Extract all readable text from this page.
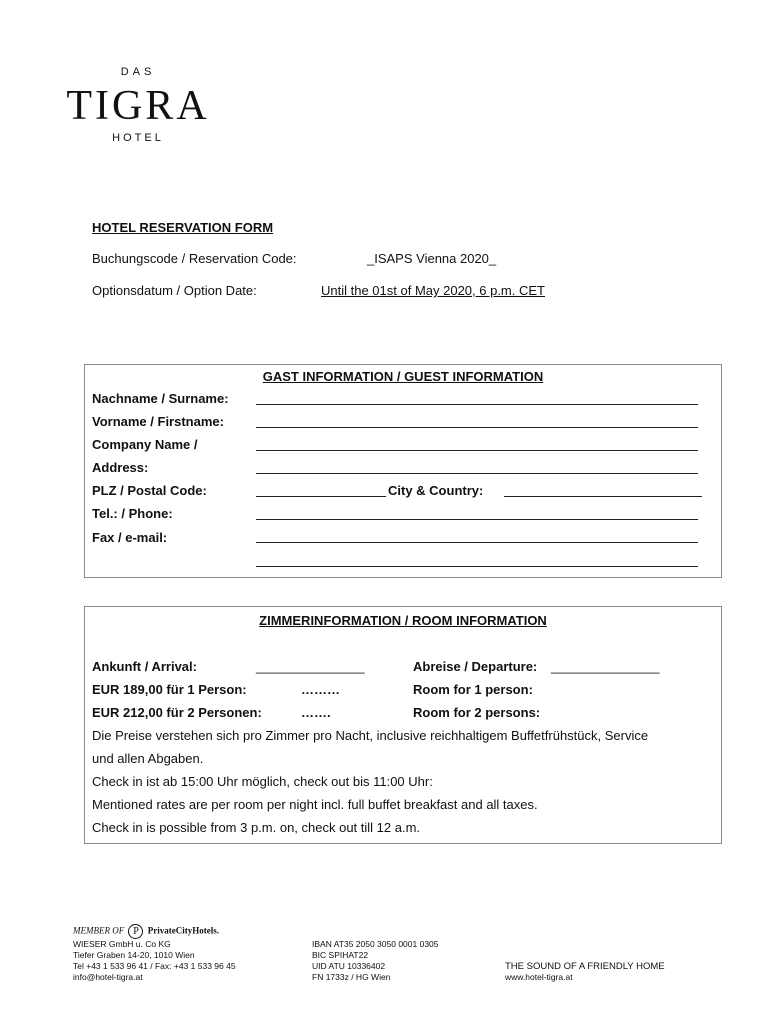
DAS
TIGRA
HOTEL
HOTEL RESERVATION FORM
Buchungscode / Reservation Code:	_ISAPS Vienna 2020_
Optionsdatum / Option Date:	Until the 01st of May 2020, 6 p.m. CET
GAST INFORMATION / GUEST INFORMATION
Nachname / Surname:
Vorname / Firstname:
Company Name /
Address:
PLZ / Postal Code:	City & Country:
Tel.: / Phone:
Fax / e-mail:
ZIMMERINFORMATION / ROOM INFORMATION
Ankunft / Arrival:	_______________	Abreise / Departure: _______________
EUR 189,00 für 1 Person:	………	Room for 1 person:
EUR 212,00 für 2 Personen:	…….	Room for 2 persons:
Die Preise verstehen sich pro Zimmer pro Nacht, inclusive reichhaltigem Buffetfrühstück, Service
und allen Abgaben.
Check in ist ab 15:00 Uhr möglich, check out bis 11:00 Uhr:
Mentioned rates are per room per night incl. full buffet breakfast and all taxes.
Check in is possible from 3 p.m. on, check out till 12 a.m.
MEMBER OF P PrivateCityHotels.
WIESER GmbH u. Co KG
Tiefer Graben 14-20, 1010 Wien
Tel +43 1 533 96 41 / Fax: +43 1 533 96 45
info@hotel-tigra.at
IBAN AT35 2050 3050 0001 0305
BIC SPIHAT22
UID ATU 10336402
FN 1733z / HG Wien
THE SOUND OF A FRIENDLY HOME
www.hotel-tigra.at
